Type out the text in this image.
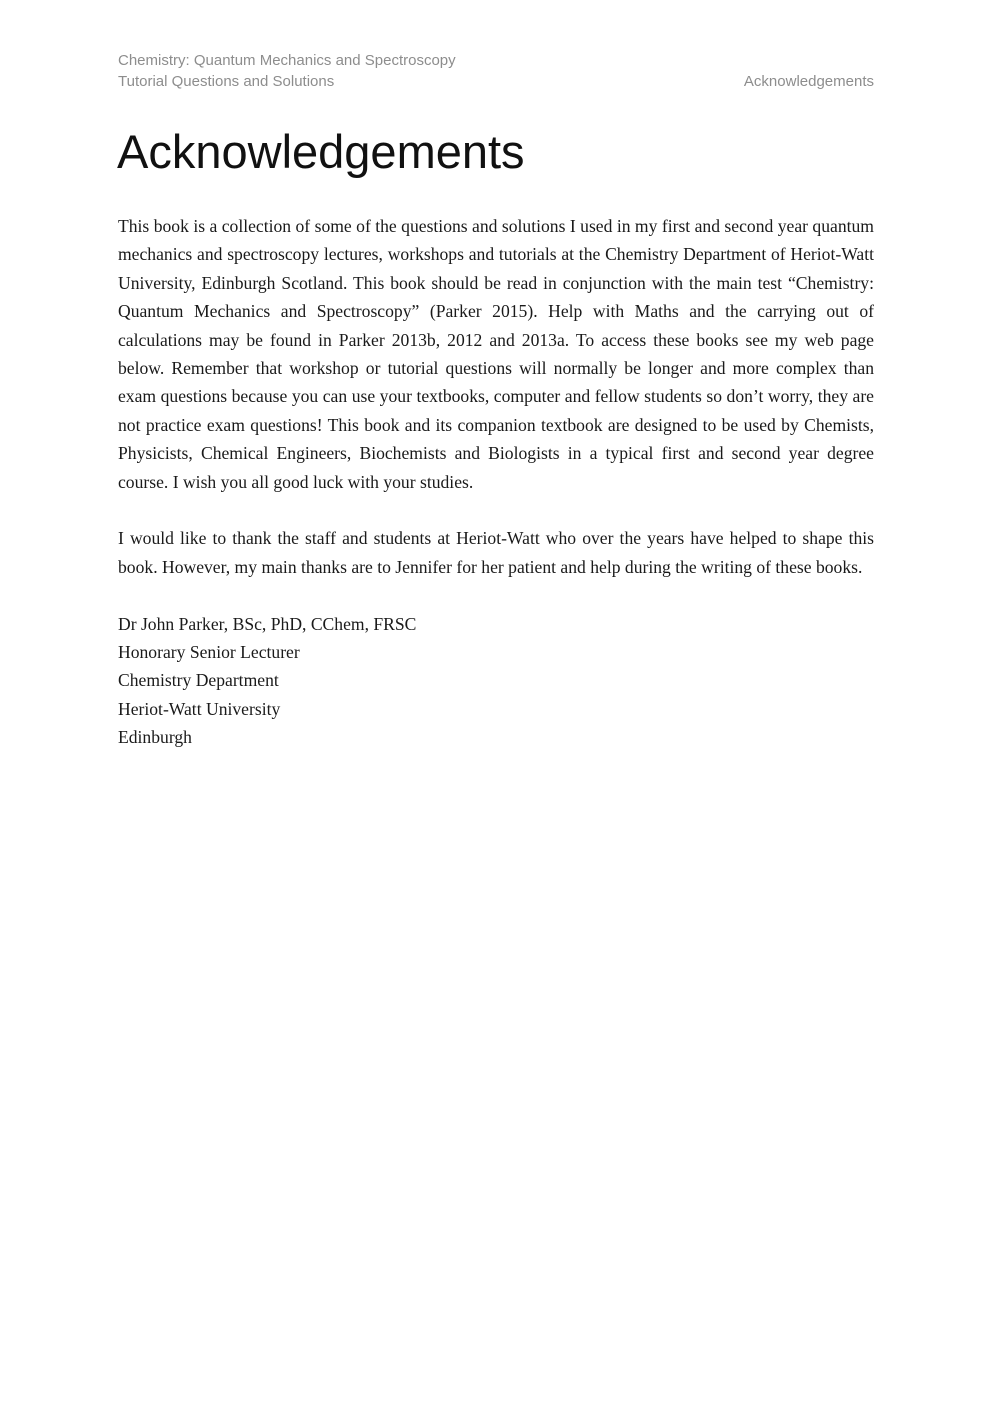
Chemistry: Quantum Mechanics and Spectroscopy
Tutorial Questions and Solutions	Acknowledgements
Acknowledgements

This book is a collection of some of the questions and solutions I used in my first and second year quantum mechanics and spectroscopy lectures, workshops and tutorials at the Chemistry Department of Heriot-Watt University, Edinburgh Scotland. This book should be read in conjunction with the main test “Chemistry: Quantum Mechanics and Spectroscopy” (Parker 2015). Help with Maths and the carrying out of calculations may be found in Parker 2013b, 2012 and 2013a. To access these books see my web page below. Remember that workshop or tutorial questions will normally be longer and more complex than exam questions because you can use your textbooks, computer and fellow students so don’t worry, they are not practice exam questions! This book and its companion textbook are designed to be used by Chemists, Physicists, Chemical Engineers, Biochemists and Biologists in a typical first and second year degree course. I wish you all good luck with your studies.

I would like to thank the staff and students at Heriot-Watt who over the years have helped to shape this book. However, my main thanks are to Jennifer for her patient and help during the writing of these books.

Dr John Parker, BSc, PhD, CChem, FRSC
Honorary Senior Lecturer
Chemistry Department
Heriot-Watt University
Edinburgh
